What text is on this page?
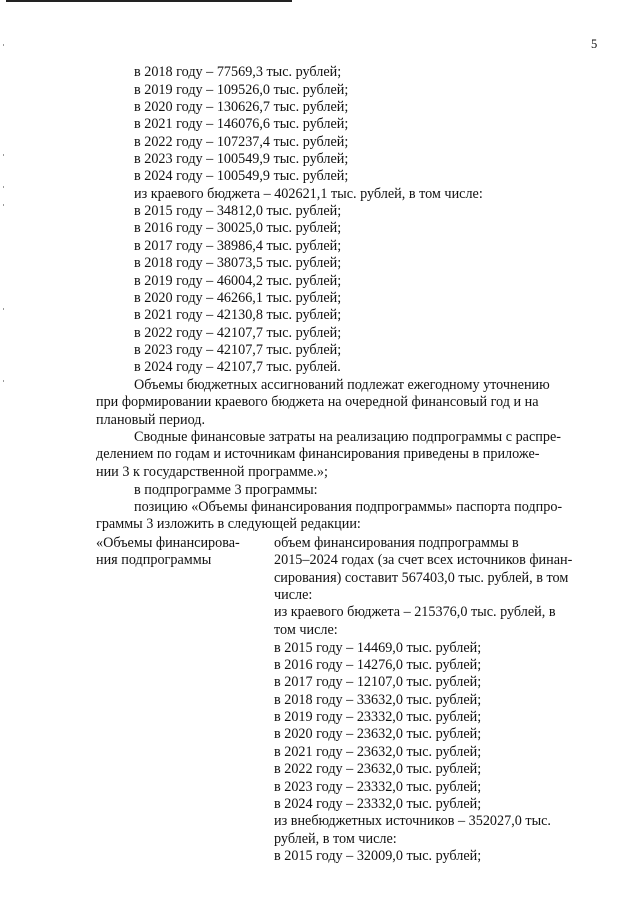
5
в 2018 году – 77569,3 тыс. рублей;
в 2019 году – 109526,0 тыс. рублей;
в 2020 году – 130626,7 тыс. рублей;
в 2021 году – 146076,6 тыс. рублей;
в 2022 году – 107237,4 тыс. рублей;
в 2023 году – 100549,9 тыс. рублей;
в 2024 году – 100549,9 тыс. рублей;
из краевого бюджета – 402621,1 тыс. рублей, в том числе:
в 2015 году – 34812,0 тыс. рублей;
в 2016 году – 30025,0 тыс. рублей;
в 2017 году – 38986,4 тыс. рублей;
в 2018 году – 38073,5 тыс. рублей;
в 2019 году – 46004,2 тыс. рублей;
в 2020 году – 46266,1 тыс. рублей;
в 2021 году – 42130,8 тыс. рублей;
в 2022 году – 42107,7 тыс. рублей;
в 2023 году – 42107,7 тыс. рублей;
в 2024 году – 42107,7 тыс. рублей.
Объемы бюджетных ассигнований подлежат ежегодному уточнению
при формировании краевого бюджета на очередной финансовый год и на
плановый период.
Сводные финансовые затраты на реализацию подпрограммы с распре-
делением по годам и источникам финансирования приведены в приложе-
нии 3 к государственной программе.»;
в подпрограмме 3 программы:
позицию «Объемы финансирования подпрограммы» паспорта подпро-
граммы 3 изложить в следующей редакции:
«Объемы финансирова-
ния подпрограммы
объем финансирования подпрограммы в
2015–2024 годах (за счет всех источников финан-
сирования) составит 567403,0 тыс. рублей, в том
числе:
из краевого бюджета – 215376,0 тыс. рублей, в
том числе:
в 2015 году – 14469,0 тыс. рублей;
в 2016 году – 14276,0 тыс. рублей;
в 2017 году – 12107,0 тыс. рублей;
в 2018 году – 33632,0 тыс. рублей;
в 2019 году – 23332,0 тыс. рублей;
в 2020 году – 23632,0 тыс. рублей;
в 2021 году – 23632,0 тыс. рублей;
в 2022 году – 23632,0 тыс. рублей;
в 2023 году – 23332,0 тыс. рублей;
в 2024 году – 23332,0 тыс. рублей;
из внебюджетных источников – 352027,0 тыс.
рублей, в том числе:
в 2015 году – 32009,0 тыс. рублей;
